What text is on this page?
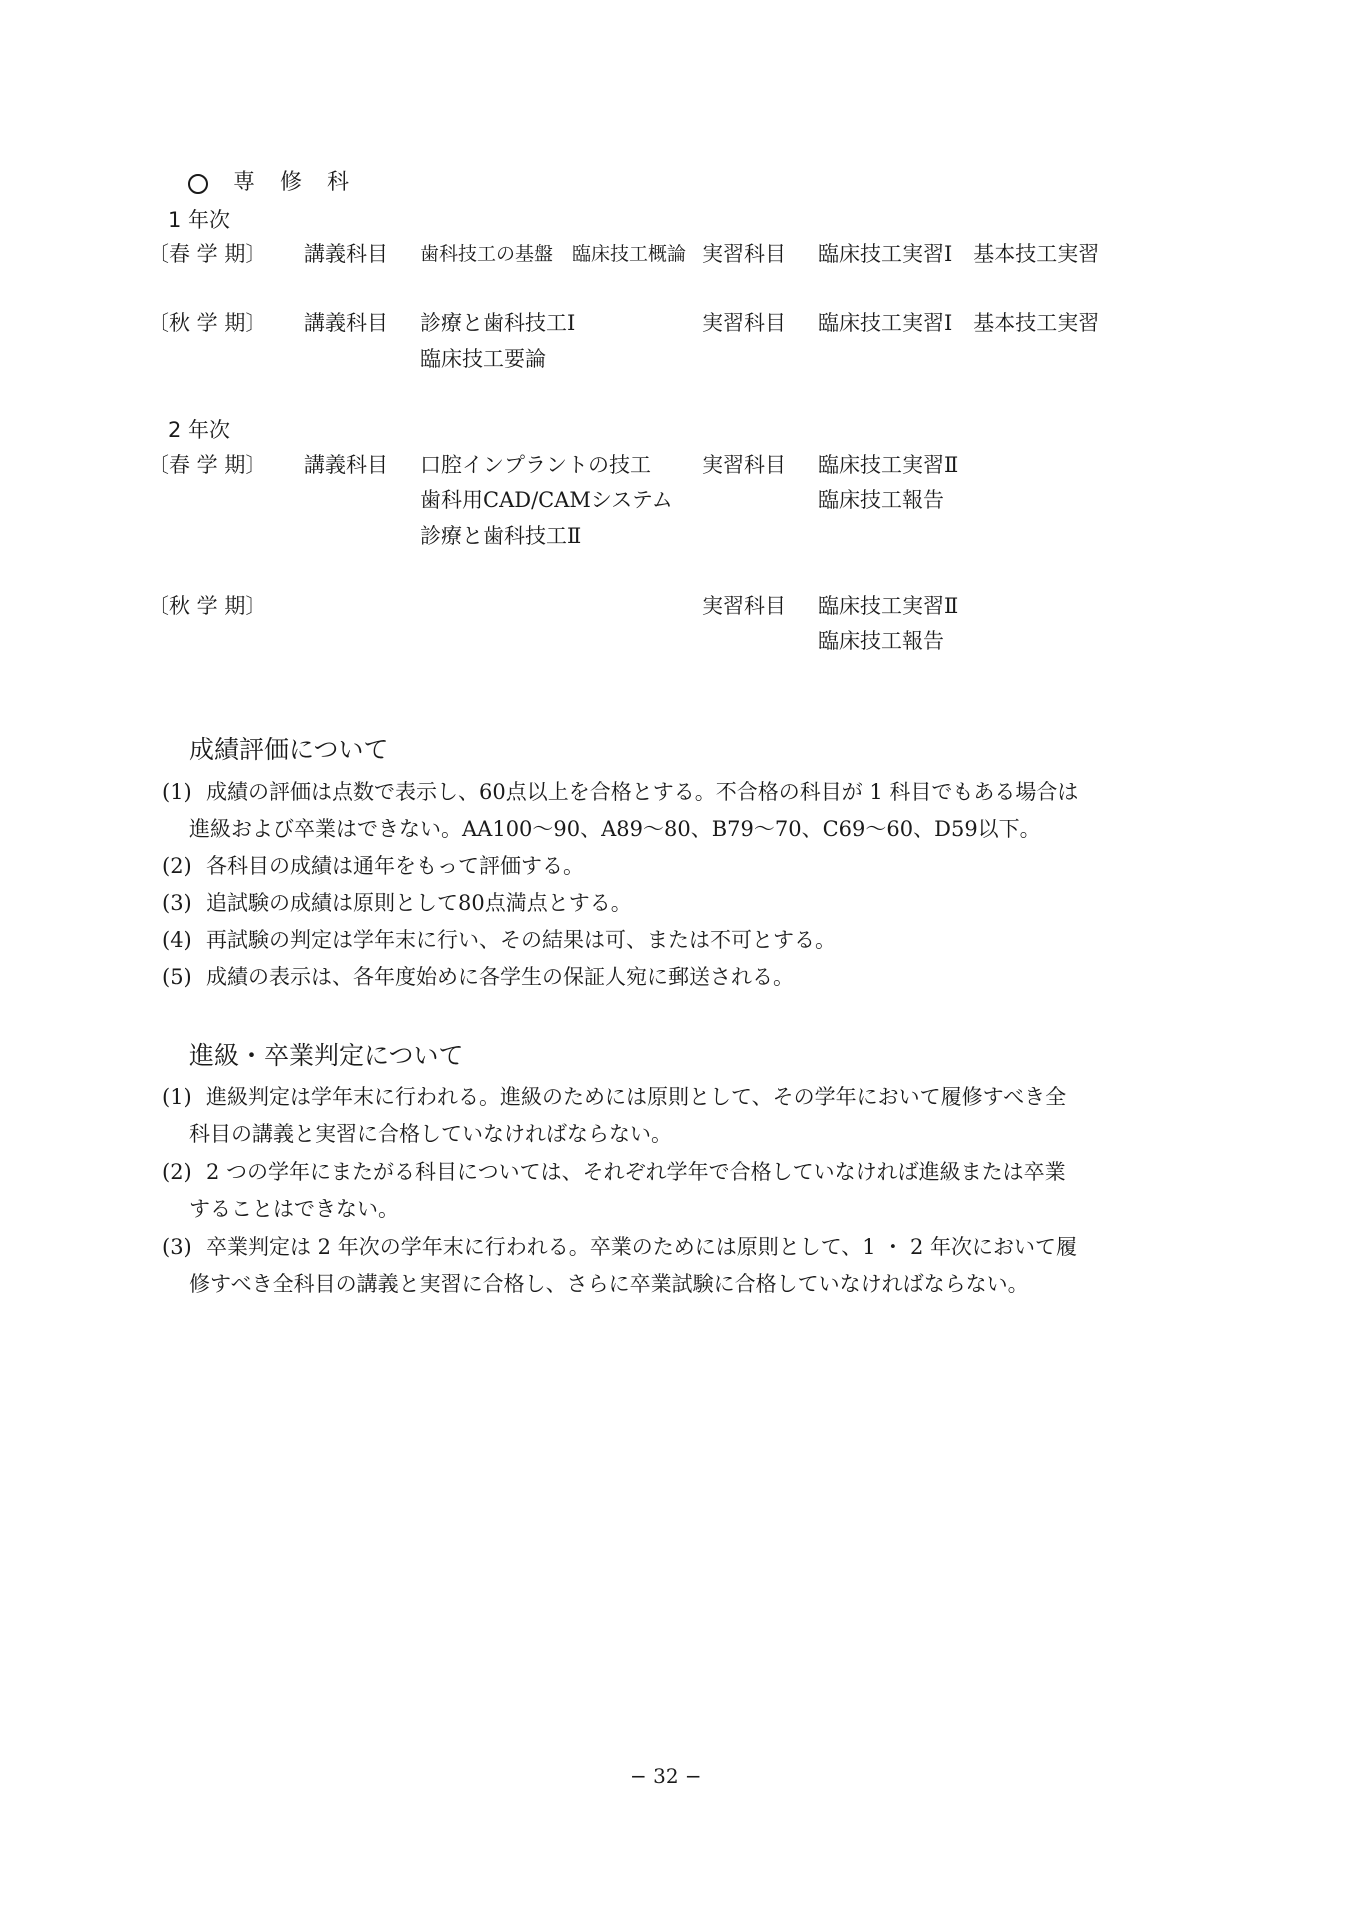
専 修 科
1 年次
〔春 学 期〕 講義科目 歯科技工の基盤　臨床技工概論 実習科目 臨床技工実習Ⅰ　基本技工実習
〔秋 学 期〕 講義科目 診療と歯科技工Ⅰ
臨床技工要論
実習科目 臨床技工実習Ⅰ　基本技工実習
2 年次
〔春 学 期〕 講義科目 口腔インプラントの技工
歯科用CAD/CAMシステム
診療と歯科技工Ⅱ
実習科目 臨床技工実習Ⅱ
臨床技工報告
〔秋 学 期〕	実習科目 臨床技工実習Ⅱ
臨床技工報告
成績評価について
(1) 成績の評価は点数で表示し、60点以上を合格とする。不合格の科目が 1 科目でもある場合は
進級および卒業はできない。AA100〜90、A89〜80、B79〜70、C69〜60、D59以下。
(2) 各科目の成績は通年をもって評価する。
(3) 追試験の成績は原則として80点満点とする。
(4) 再試験の判定は学年末に行い、その結果は可、または不可とする。
(5) 成績の表示は、各年度始めに各学生の保証人宛に郵送される。
進級・卒業判定について
(1) 進級判定は学年末に行われる。進級のためには原則として、その学年において履修すべき全
科目の講義と実習に合格していなければならない。
(2) 2 つの学年にまたがる科目については、それぞれ学年で合格していなければ進級または卒業
することはできない。
(3) 卒業判定は 2 年次の学年末に行われる。卒業のためには原則として、1 ・ 2 年次において履
修すべき全科目の講義と実習に合格し、さらに卒業試験に合格していなければならない。
− 32 −
